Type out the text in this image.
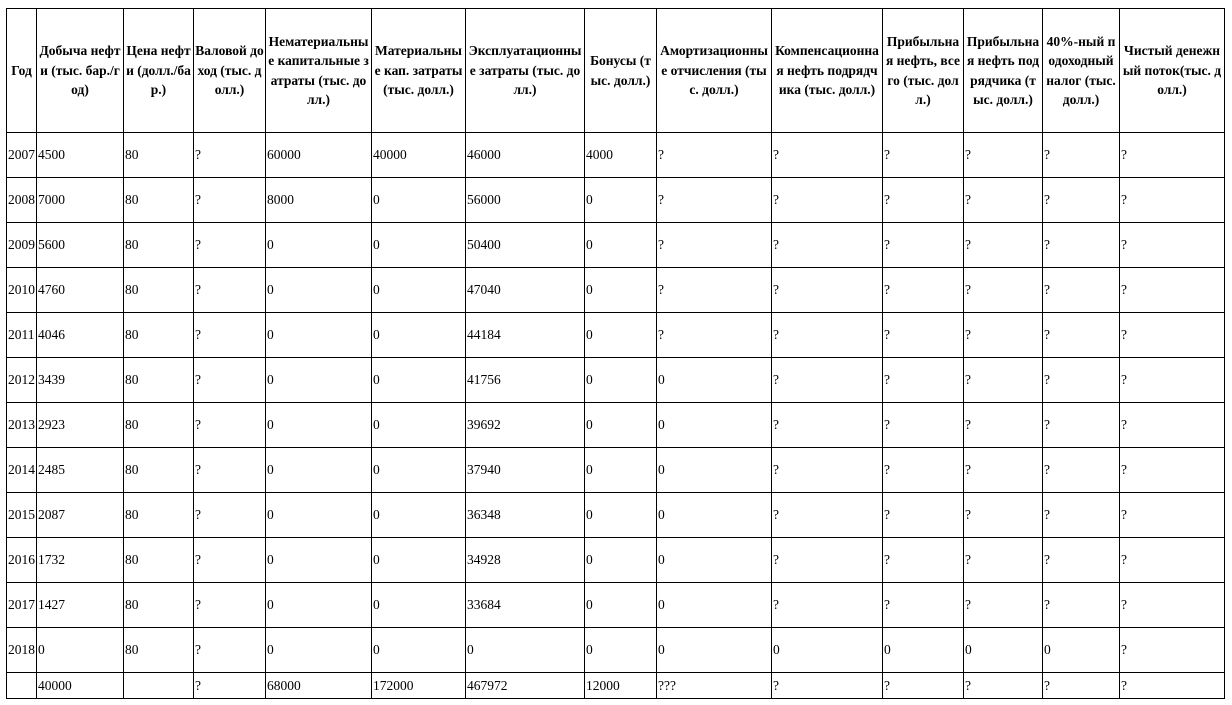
Год	Добыча нефти (тыс. бар./год)	Цена нефти (долл./бар.)	Валовой доход (тыс. долл.)	Нематериальные капитальные затраты (тыс. долл.)	Материальные кап. затраты (тыс. долл.)	Эксплуатационные затраты (тыс. долл.)	Бонусы (тыс. долл.)	Амортизационные отчисления (тыс. долл.)	Компенсационная нефть подрядчика (тыс. долл.)	Прибыльная нефть, всего (тыс. долл.)	Прибыльная нефть подрядчика (тыс. долл.)	40%-ный подоходный налог (тыс. долл.)	Чистый денежный поток(тыс. долл.)
2007	4500	80	?	60000	40000	46000	4000	?	?	?	?	?	?
2008	7000	80	?	8000	0	56000	0	?	?	?	?	?	?
2009	5600	80	?	0	0	50400	0	?	?	?	?	?	?
2010	4760	80	?	0	0	47040	0	?	?	?	?	?	?
2011	4046	80	?	0	0	44184	0	?	?	?	?	?	?
2012	3439	80	?	0	0	41756	0	0	?	?	?	?	?
2013	2923	80	?	0	0	39692	0	0	?	?	?	?	?
2014	2485	80	?	0	0	37940	0	0	?	?	?	?	?
2015	2087	80	?	0	0	36348	0	0	?	?	?	?	?
2016	1732	80	?	0	0	34928	0	0	?	?	?	?	?
2017	1427	80	?	0	0	33684	0	0	?	?	?	?	?
2018	0	80	?	0	0	0	0	0	0	0	0	0	?
	40000		?	68000	172000	467972	12000	???	?	?	?	?	?
